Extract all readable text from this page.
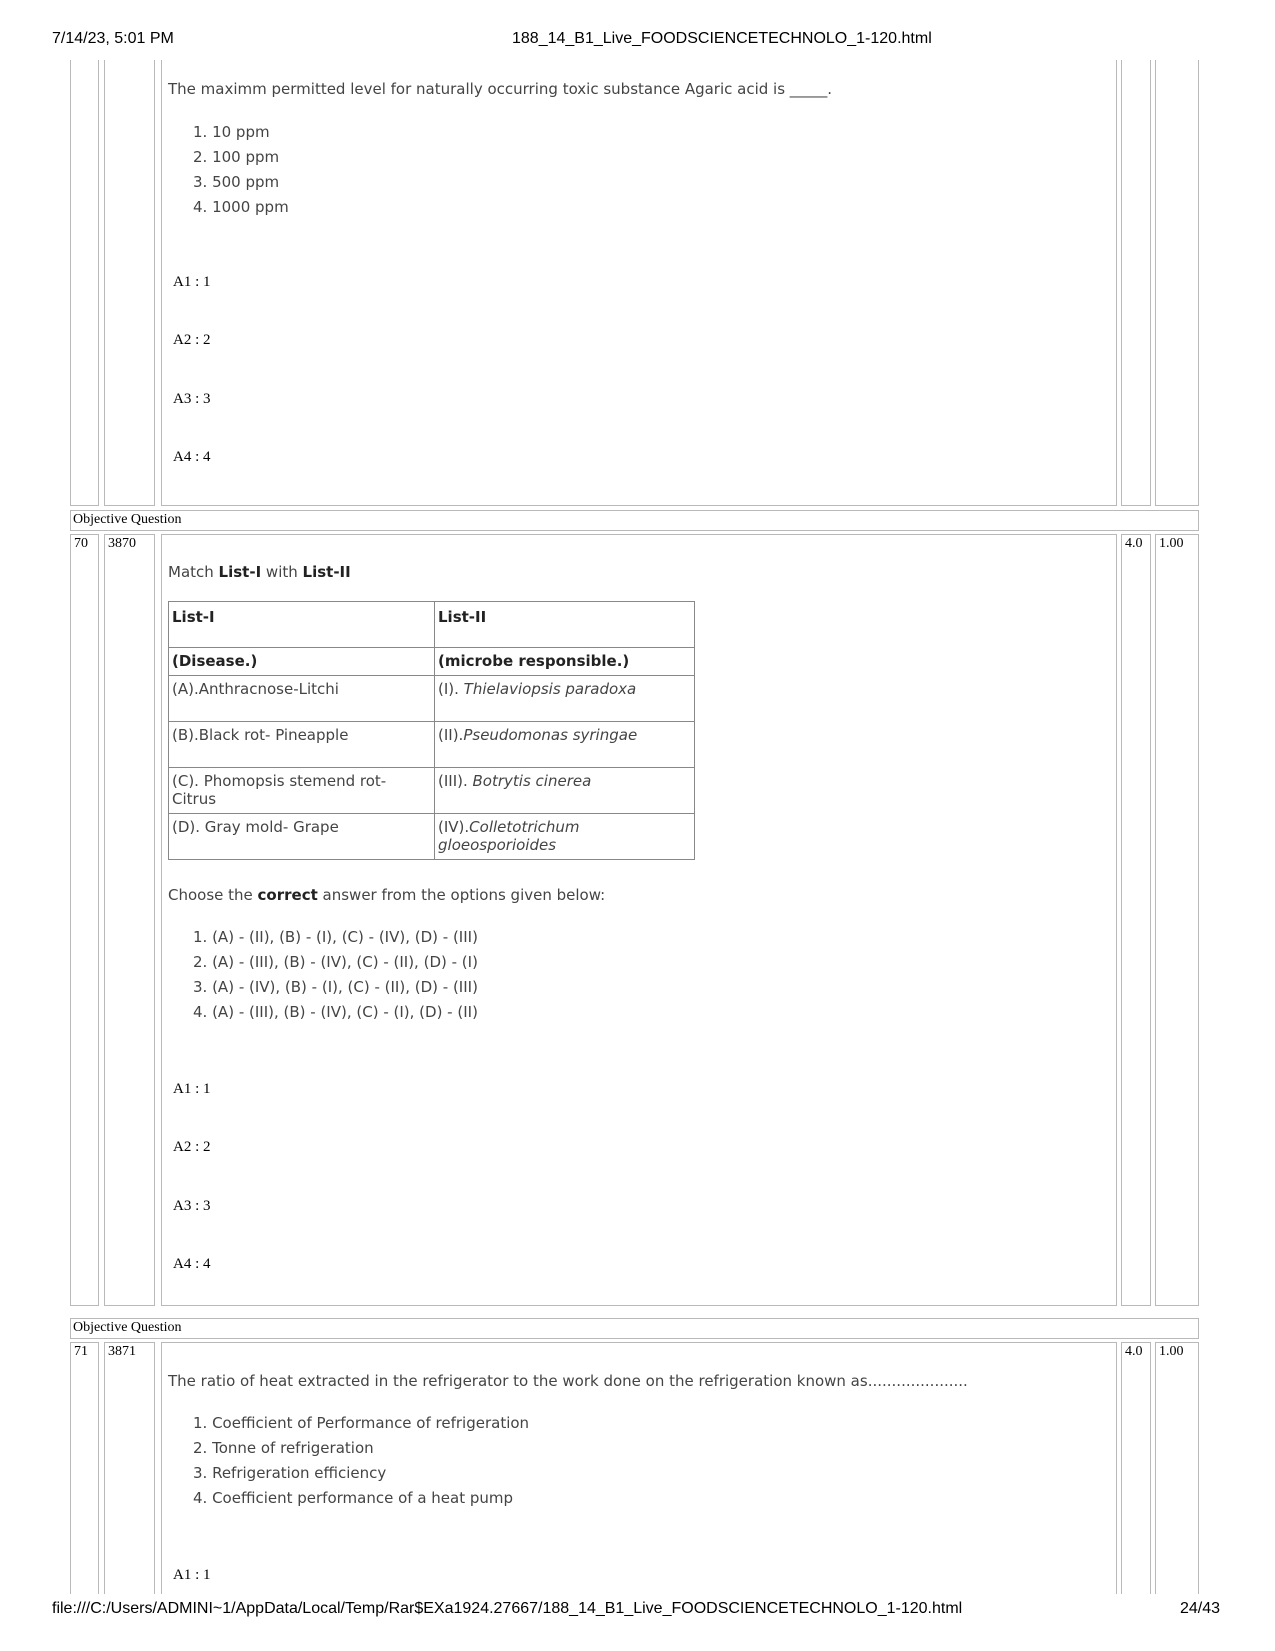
7/14/23, 5:01 PM	188_14_B1_Live_FOODSCIENCETECHNOLO_1-120.html
The maximm permitted level for naturally occurring toxic substance Agaric acid is _____.
1. 10 ppm
2. 100 ppm
3. 500 ppm
4. 1000 ppm
A1 : 1
A2 : 2
A3 : 3
A4 : 4
Objective Question
70 3870	4.0 1.00
Match List-I with List-II
List-I	List-II
(Disease.)	(microbe responsible.)
(A).Anthracnose-Litchi	(I). Thielaviopsis paradoxa
(B).Black rot- Pineapple	(II).Pseudomonas syringae
(C). Phomopsis stemend rot- Citrus	(III). Botrytis cinerea
(D). Gray mold- Grape	(IV).Colletotrichum gloeosporioides
Choose the correct answer from the options given below:
1. (A) - (II), (B) - (I), (C) - (IV), (D) - (III)
2. (A) - (III), (B) - (IV), (C) - (II), (D) - (I)
3. (A) - (IV), (B) - (I), (C) - (II), (D) - (III)
4. (A) - (III), (B) - (IV), (C) - (I), (D) - (II)
A1 : 1
A2 : 2
A3 : 3
A4 : 4
Objective Question
71 3871	4.0 1.00
The ratio of heat extracted in the refrigerator to the work done on the refrigeration known as.....................
1. Coefficient of Performance of refrigeration
2. Tonne of refrigeration
3. Refrigeration efficiency
4. Coefficient performance of a heat pump
A1 : 1
file:///C:/Users/ADMINI~1/AppData/Local/Temp/Rar$EXa1924.27667/188_14_B1_Live_FOODSCIENCETECHNOLO_1-120.html	24/43
